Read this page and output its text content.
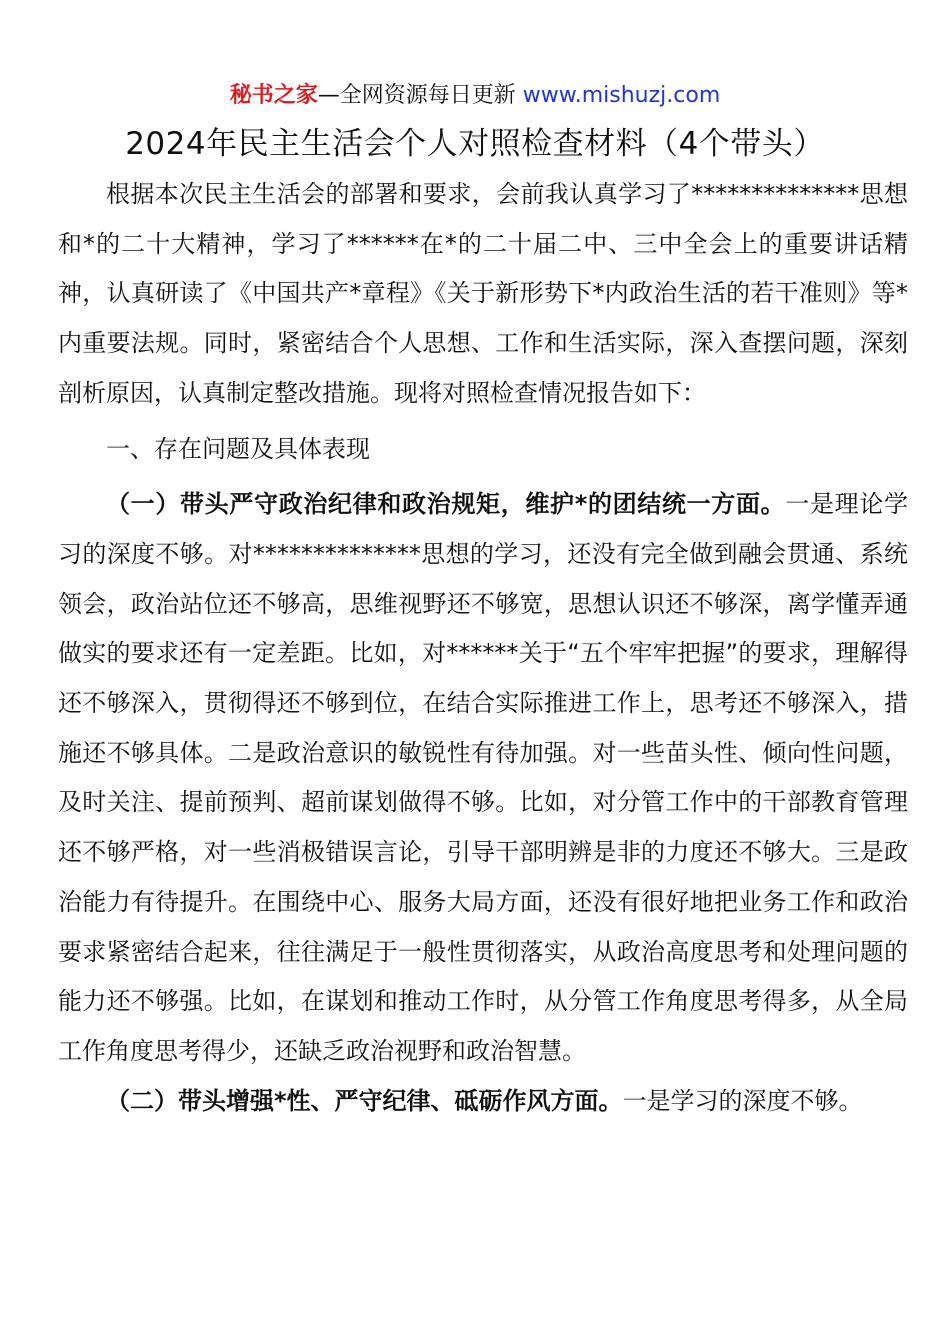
秘书之家—全网资源每日更新 www.mishuzj.com
2024年民主生活会个人对照检查材料（4个带头）

根据本次民主生活会的部署和要求，会前我认真学习了**************思想和*的二十大精神，学习了******在*的二十届二中、三中全会上的重要讲话精神，认真研读了《中国共产*章程》《关于新形势下*内政治生活的若干准则》等*内重要法规。同时，紧密结合个人思想、工作和生活实际，深入查摆问题，深刻剖析原因，认真制定整改措施。现将对照检查情况报告如下：

一、存在问题及具体表现

（一）带头严守政治纪律和政治规矩，维护*的团结统一方面。一是理论学习的深度不够。对**************思想的学习，还没有完全做到融会贯通、系统领会，政治站位还不够高，思维视野还不够宽，思想认识还不够深，离学懂弄通做实的要求还有一定差距。比如，对******关于“五个牢牢把握”的要求，理解得还不够深入，贯彻得还不够到位，在结合实际推进工作上，思考还不够深入，措施还不够具体。二是政治意识的敏锐性有待加强。对一些苗头性、倾向性问题，及时关注、提前预判、超前谋划做得不够。比如，对分管工作中的干部教育管理还不够严格，对一些消极错误言论，引导干部明辨是非的力度还不够大。三是政治能力有待提升。在围绕中心、服务大局方面，还没有很好地把业务工作和政治要求紧密结合起来，往往满足于一般性贯彻落实，从政治高度思考和处理问题的能力还不够强。比如，在谋划和推动工作时，从分管工作角度思考得多，从全局工作角度思考得少，还缺乏政治视野和政治智慧。

（二）带头增强*性、严守纪律、砥砺作风方面。一是学习的深度不够。
